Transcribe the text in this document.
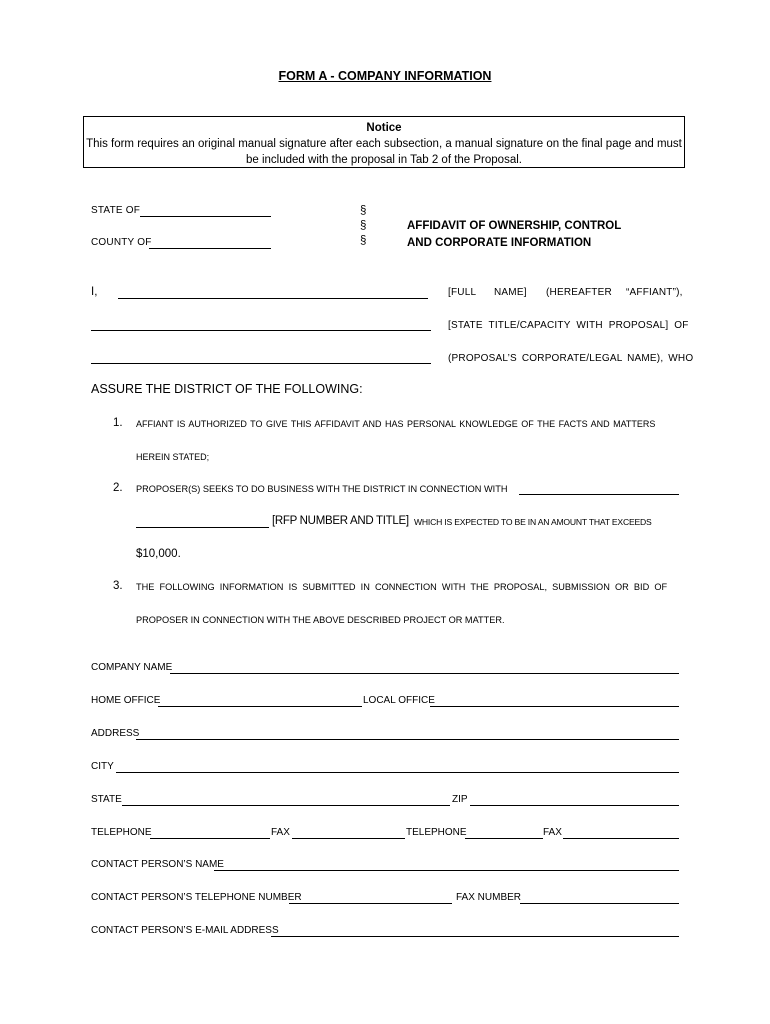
FORM A - COMPANY INFORMATION
Notice
This form requires an original manual signature after each subsection, a manual signature on the final page and must
be included with the proposal in Tab 2 of the Proposal.
STATE OF
COUNTY OF
§
§
§
AFFIDAVIT OF OWNERSHIP, CONTROL
AND CORPORATE INFORMATION
I,	[FULL NAME] (HEREAFTER “AFFIANT”),
[STATE TITLE/CAPACITY WITH PROPOSAL] OF
(PROPOSAL’S CORPORATE/LEGAL NAME), WHO
ASSURE THE DISTRICT OF THE FOLLOWING:
1. AFFIANT IS AUTHORIZED TO GIVE THIS AFFIDAVIT AND HAS PERSONAL KNOWLEDGE OF THE FACTS AND MATTERS
HEREIN STATED;
2. PROPOSER(S) SEEKS TO DO BUSINESS WITH THE DISTRICT IN CONNECTION WITH
[RFP NUMBER AND TITLE] WHICH IS EXPECTED TO BE IN AN AMOUNT THAT EXCEEDS
$10,000.
3. THE FOLLOWING INFORMATION IS SUBMITTED IN CONNECTION WITH THE PROPOSAL, SUBMISSION OR BID OF
PROPOSER IN CONNECTION WITH THE ABOVE DESCRIBED PROJECT OR MATTER.
COMPANY NAME
HOME OFFICE	LOCAL OFFICE
ADDRESS
CITY
STATE	ZIP
TELEPHONE	FAX	TELEPHONE	FAX
CONTACT PERSON’S NAME
CONTACT PERSON’S TELEPHONE NUMBER	FAX NUMBER
CONTACT PERSON’S E-MAIL ADDRESS
